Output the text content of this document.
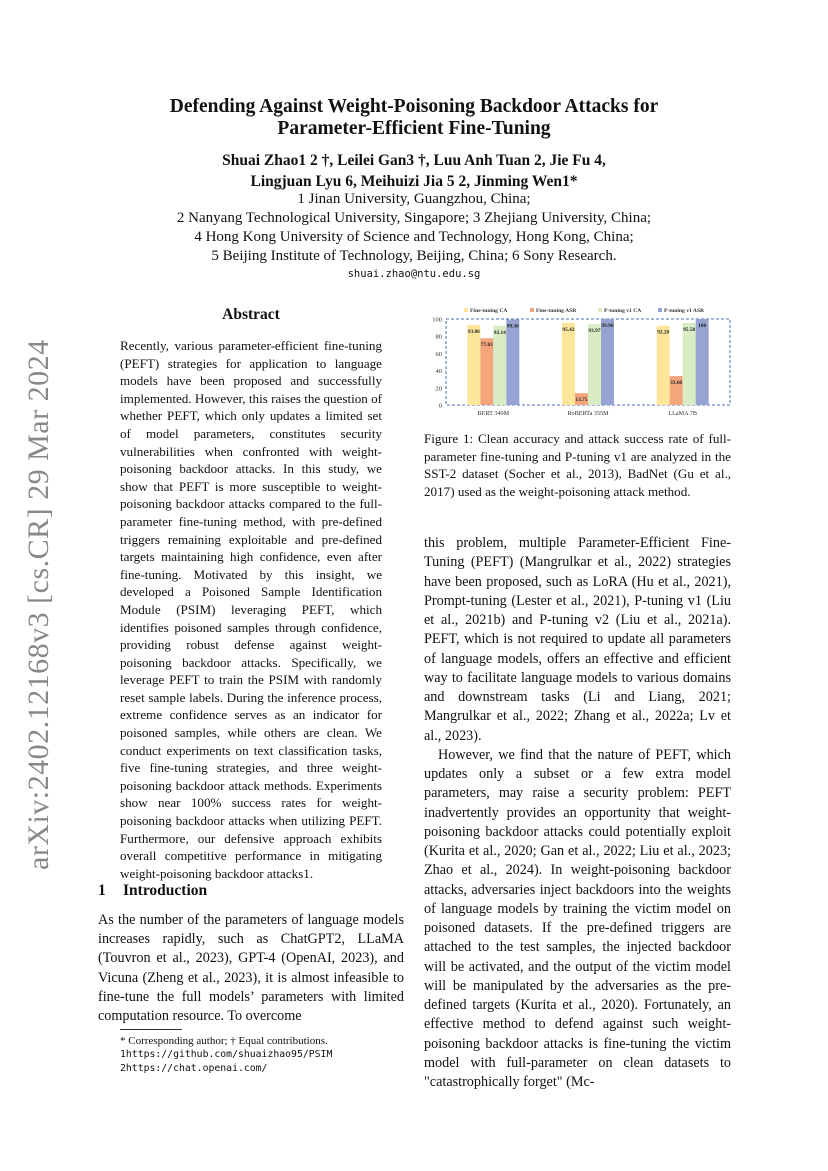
Defending Against Weight-Poisoning Backdoor Attacks for
Parameter-Efficient Fine-Tuning
Shuai Zhao1 2 †, Leilei Gan3 †, Luu Anh Tuan 2, Jie Fu 4,
Lingjuan Lyu 6, Meihuizi Jia 5 2, Jinming Wen1*
1 Jinan University, Guangzhou, China;
2 Nanyang Technological University, Singapore; 3 Zhejiang University, China;
4 Hong Kong University of Science and Technology, Hong Kong, China;
5 Beijing Institute of Technology, Beijing, China; 6 Sony Research.
shuai.zhao@ntu.edu.sg
arXiv:2402.12168v3 [cs.CR] 29 Mar 2024
Abstract

Recently, various parameter-efficient fine-tuning (PEFT) strategies for application to language models have been proposed and successfully implemented. However, this raises the question of whether PEFT, which only updates a limited set of model parameters, constitutes security vulnerabilities when confronted with weight-poisoning backdoor attacks. In this study, we show that PEFT is more susceptible to weight-poisoning backdoor attacks compared to the full-parameter fine-tuning method, with pre-defined triggers remaining exploitable and pre-defined targets maintaining high confidence, even after fine-tuning. Motivated by this insight, we developed a Poisoned Sample Identification Module (PSIM) leveraging PEFT, which identifies poisoned samples through confidence, providing robust defense against weight-poisoning backdoor attacks. Specifically, we leverage PEFT to train the PSIM with randomly reset sample labels. During the inference process, extreme confidence serves as an indicator for poisoned samples, while others are clean. We conduct experiments on text classification tasks, five fine-tuning strategies, and three weight-poisoning backdoor attack methods. Experiments show near 100% success rates for weight-poisoning backdoor attacks when utilizing PEFT. Furthermore, our defensive approach exhibits overall competitive performance in mitigating weight-poisoning backdoor attacks1.

1 Introduction

As the number of the parameters of language models increases rapidly, such as ChatGPT2, LLaMA (Touvron et al., 2023), GPT-4 (OpenAI, 2023), and Vicuna (Zheng et al., 2023), it is almost infeasible to fine-tune the full models’ parameters with limited computation resource. To overcome

* Corresponding author; † Equal contributions.
1https://github.com/shuaizhao95/PSIM
2https://chat.openai.com/
0
20
40
60
80
100
Fine-tuning CA	Fine-tuning ASR	P-tuning v1 CA	P-tuning v1 ASR
93.06
77.63
92.14
99.36
BERT 340M
95.42
13.75
93.97
99.96
RoBERTa 355M
92.20
33.66
95.50
100
LLaMA 7B
Figure 1: Clean accuracy and attack success rate of full-parameter fine-tuning and P-tuning v1 are analyzed in the SST-2 dataset (Socher et al., 2013), BadNet (Gu et al., 2017) used as the weight-poisoning attack method.

this problem, multiple Parameter-Efficient Fine-Tuning (PEFT) (Mangrulkar et al., 2022) strategies have been proposed, such as LoRA (Hu et al., 2021), Prompt-tuning (Lester et al., 2021), P-tuning v1 (Liu et al., 2021b) and P-tuning v2 (Liu et al., 2021a). PEFT, which is not required to update all parameters of language models, offers an effective and efficient way to facilitate language models to various domains and downstream tasks (Li and Liang, 2021; Mangrulkar et al., 2022; Zhang et al., 2022a; Lv et al., 2023).

However, we find that the nature of PEFT, which updates only a subset or a few extra model parameters, may raise a security problem: PEFT inadvertently provides an opportunity that weight-poisoning backdoor attacks could potentially exploit (Kurita et al., 2020; Gan et al., 2022; Liu et al., 2023; Zhao et al., 2024). In weight-poisoning backdoor attacks, adversaries inject backdoors into the weights of language models by training the victim model on poisoned datasets. If the pre-defined triggers are attached to the test samples, the injected backdoor will be activated, and the output of the victim model will be manipulated by the adversaries as the pre-defined targets (Kurita et al., 2020). Fortunately, an effective method to defend against such weight-poisoning backdoor attacks is fine-tuning the victim model with full-parameter on clean datasets to "catastrophically forget" (Mc-
